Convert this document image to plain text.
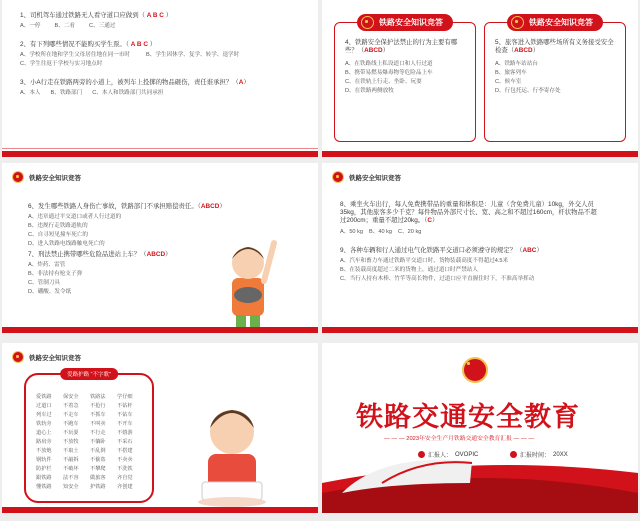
1、司机驾车通过铁路无人看守道口应做到（ A B C ）
A、一停	B、二看	C、三通过
2、有下列哪些情况不能购买学生票。（ A B C ）
A、学校所在地和学生父母居住地在同一市时	B、学生因休学、复学、转学、退学时
C、学生往返于学校与实习地点时
3、小A行走在铁路两旁的小道上，被列车上投掷的物品砸伤，责任谁承担？（A）
A、本人 B、铁路部门 C、本人和铁路部门共同承担
铁路安全知识竞答
4、铁路安全保护法禁止的行为主要有哪些？（ABCD）
A、在铁路线上私设道口和人行过道
B、携带易燃易爆毒物等危险品上车
C、在铁轨上行走、坐卧、玩耍
D、在铁路两侧放牧
铁路安全知识竞答
5、旅客进入铁路哪些场所有义务接受安全检查（ABCD）
A、铁路车站站台
B、旅客列车
C、候车室
D、行包托运、行李寄存处
铁路安全知识竞答
6、发生哪些铁路人身伤亡事故，铁路部门不承担赔偿责任。（ABCD）
A、违章通过平交道口或者人行过道的
B、违规行走铁路道轨的
C、自寻短见撞车死亡的
D、进入铁路电线路触电死亡的
7、刑法禁止携带哪些危险品进站上车？（ABCD）
A、炸药、雷管
B、非法持有枪支子弹
C、管制刀具
D、硼酸、发令纸
铁路安全知识竞答
8、乘坐火车出行，每人免费携带品的重量和体积是：儿童（含免费儿童）10kg，外交人员
35kg，其他旅客多少千克？每件物品外部尺寸长、宽、高之和不超过160cm，杆状物品不超
过200cm；重量不超过20kg。（C）
A、50 kg B、40 kg C、20 kg
9、各种车辆和行人通过电气化铁路平交道口必须遵守的规定？（ABC）
A、汽车和畜力车通过铁路平交道口时，货物装载高度不得超过4.5米
B、在装载高度超过二米的货物上，通过道口时严禁站人
C、当行人持有木棒、竹竿等高长物件，过道口应平直握住时下，不准高举挥动
铁路安全知识竞答
爱路护路 “不字歌”
爱铁路	保安全	铁路法	学仔细
过道口	不着急	不抢行	不钻杆
列车过	不走车	不抓车	不钻车
铁轨旁	不跑车	不叫卖	不开车
道心上	不玩耍	不行走	不嬉游
路肩旁	不放牧	不躺卧	不采石
不放炮	不取土	不乱倒	不搭建
钢轨件	不敲拆	不偷盗	不卖卖
防护栏	不破坏	不攀爬	不洗铁
跟铁路	法不容	做旅客	齐自觉
懂铁路	知安全	护铁路	齐创建
铁路交通安全教育
— — — 2023年安全生产月铁路交通安全教育汇报 — — —
汇报人： OVOPIC	汇报时间： 20XX
